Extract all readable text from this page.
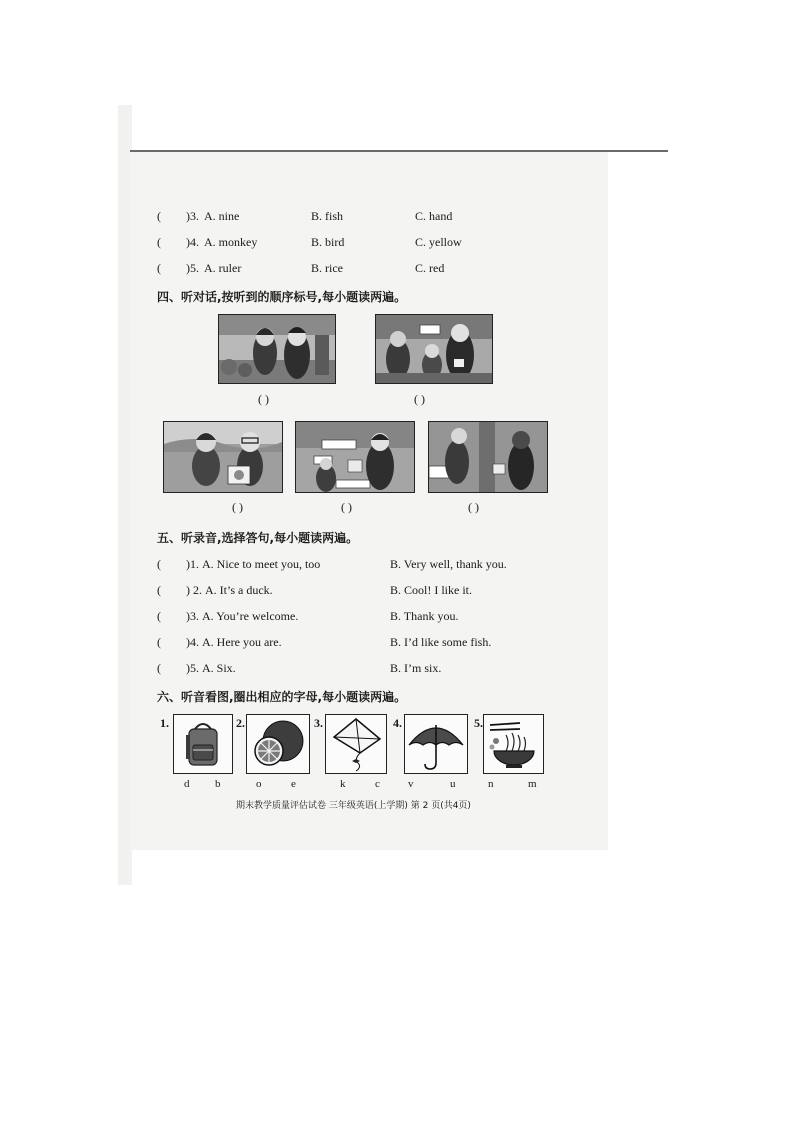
( )3. A. nine	B. fish	C. hand
( )4. A. monkey	B. bird	C. yellow
( )5. A. ruler	B. rice	C. red
四、听对话,按听到的顺序标号,每小题读两遍。
( )	( )
( )	( )	( )
五、听录音,选择答句,每小题读两遍。
( )1. A. Nice to meet you, too	B. Very well, thank you.
( ) 2. A. It’s a duck.	B. Cool! I like it.
( )3. A. You’re welcome.	B. Thank you.
( )4. A. Here you are.	B. I’d like some fish.
( )5. A. Six.	B. I’m six.
六、听音看图,圈出相应的字母,每小题读两遍。
1.
d b
2.
o	e
3.
k	c
4.
v	u
5.
n	m
期末教学质量评估试卷 三年级英语(上学期) 第 2 页(共4页)
